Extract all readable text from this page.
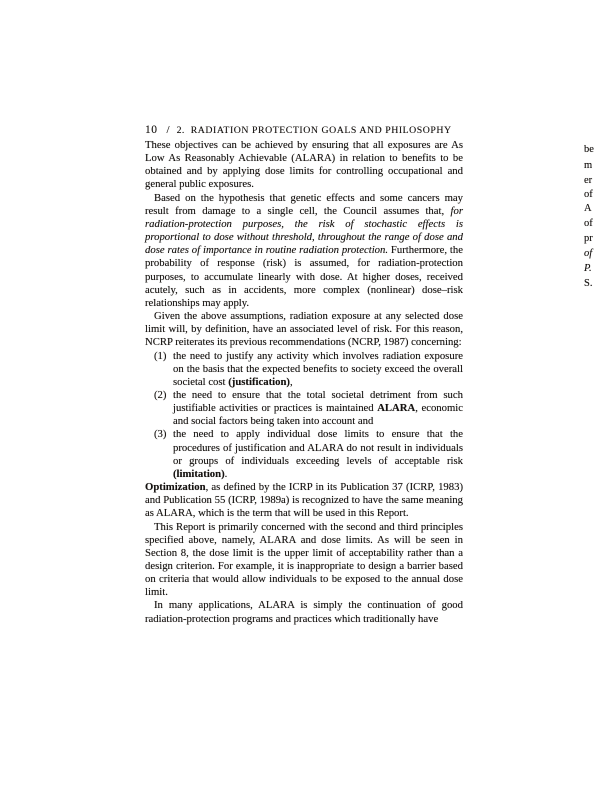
10 / 2. RADIATION PROTECTION GOALS AND PHILOSOPHY

These objectives can be achieved by ensuring that all exposures are As Low As Reasonably Achievable (ALARA) in relation to benefits to be obtained and by applying dose limits for controlling occupational and general public exposures.

Based on the hypothesis that genetic effects and some cancers may result from damage to a single cell, the Council assumes that, for radiation-protection purposes, the risk of stochastic effects is proportional to dose without threshold, throughout the range of dose and dose rates of importance in routine radiation protection. Furthermore, the probability of response (risk) is assumed, for radiation-protection purposes, to accumulate linearly with dose. At higher doses, received acutely, such as in accidents, more complex (nonlinear) dose–risk relationships may apply.

Given the above assumptions, radiation exposure at any selected dose limit will, by definition, have an associated level of risk. For this reason, NCRP reiterates its previous recommendations (NCRP, 1987) concerning:

(1) the need to justify any activity which involves radiation exposure on the basis that the expected benefits to society exceed the overall societal cost (justification),

(2) the need to ensure that the total societal detriment from such justifiable activities or practices is maintained ALARA, economic and social factors being taken into account and

(3) the need to apply individual dose limits to ensure that the procedures of justification and ALARA do not result in individuals or groups of individuals exceeding levels of acceptable risk (limitation).

Optimization, as defined by the ICRP in its Publication 37 (ICRP, 1983) and Publication 55 (ICRP, 1989a) is recognized to have the same meaning as ALARA, which is the term that will be used in this Report.

This Report is primarily concerned with the second and third principles specified above, namely, ALARA and dose limits. As will be seen in Section 8, the dose limit is the upper limit of acceptability rather than a design criterion. For example, it is inappropriate to design a barrier based on criteria that would allow individuals to be exposed to the annual dose limit.

In many applications, ALARA is simply the continuation of good radiation-protection programs and practices which traditionally have

be
m
er
of
A
of
pr
of
P.
S.
